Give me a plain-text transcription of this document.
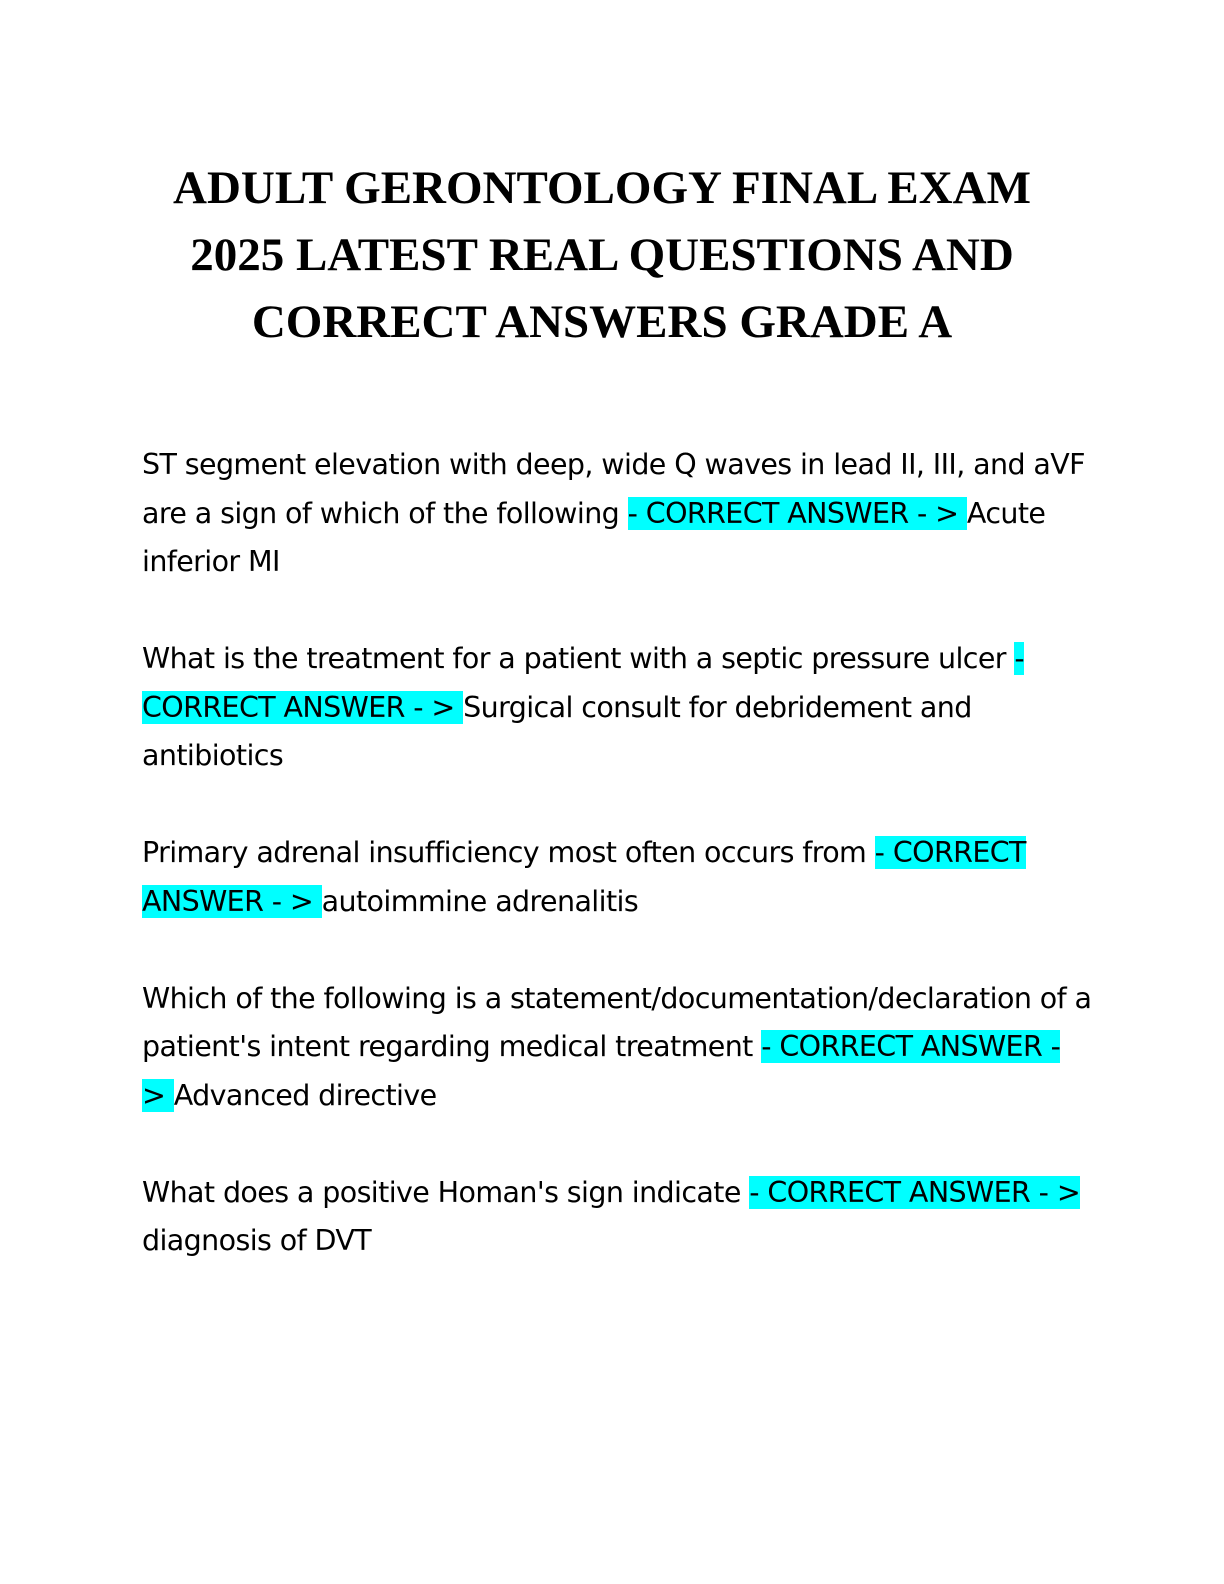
ADULT GERONTOLOGY FINAL EXAM
2025 LATEST REAL QUESTIONS AND
CORRECT ANSWERS GRADE A

ST segment elevation with deep, wide Q waves in lead II, III, and aVF are a sign of which of the following - CORRECT ANSWER - > Acute inferior MI

What is the treatment for a patient with a septic pressure ulcer - CORRECT ANSWER - > Surgical consult for debridement and antibiotics

Primary adrenal insufficiency most often occurs from - CORRECT ANSWER - > autoimmine adrenalitis

Which of the following is a statement/documentation/declaration of a patient's intent regarding medical treatment - CORRECT ANSWER - > Advanced directive

What does a positive Homan's sign indicate - CORRECT ANSWER - > diagnosis of DVT
